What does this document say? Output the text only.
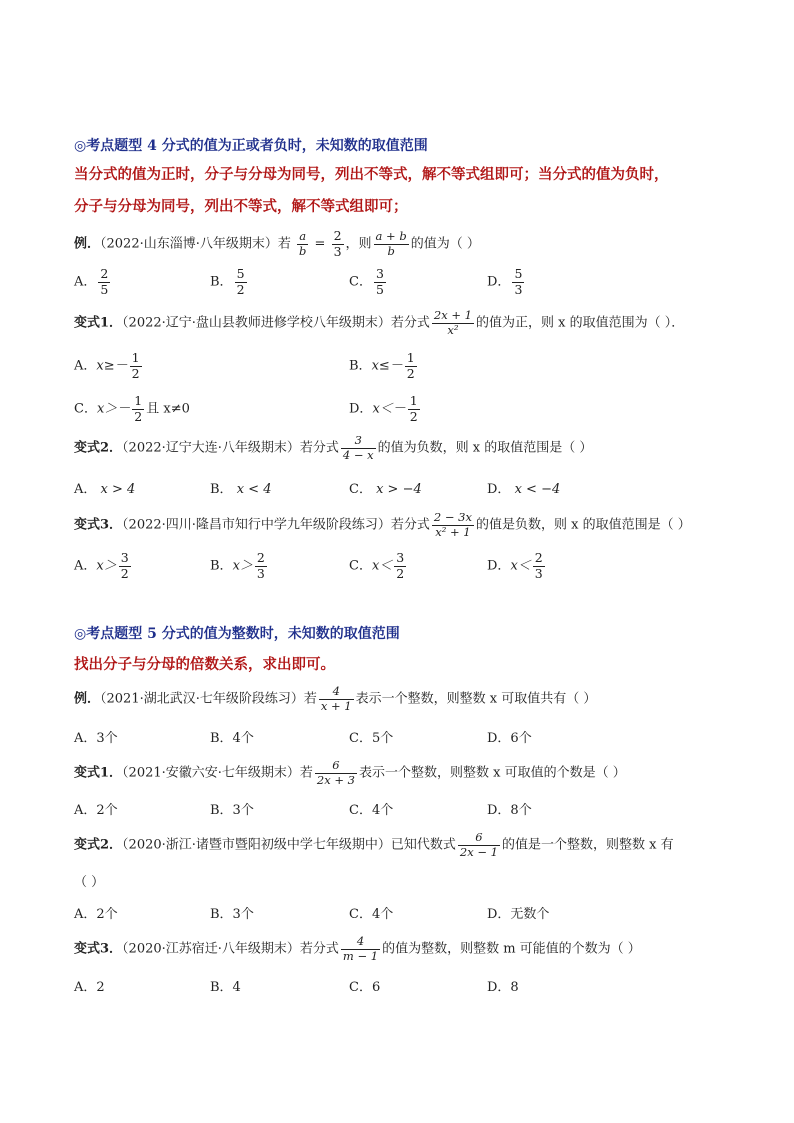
◎考点题型 4 分式的值为正或者负时，未知数的取值范围
当分式的值为正时，分子与分母为同号，列出不等式，解不等式组即可；当分式的值为负时，
分子与分母为同号，列出不等式，解不等式组即可；
例．（2022·山东淄博·八年级期末）若 $\frac{a}{b} = \frac{2}{3}$ ，则 $\frac{a + b}{b}$ 的值为（ ）
A． $\frac{2}{5}$	B． $\frac{5}{2}$	C． $\frac{3}{5}$	D． $\frac{5}{3}$
变式1．（2022·辽宁·盘山县教师进修学校八年级期末）若分式 $\frac{2x + 1}{\text{x²}}$ 的值为正，则 x 的取值范围为（ ）．
A．$x\ge- \frac{1}{2}$	B．$x\le- \frac{1}{2}$
C．$x>- \frac{1}{2}$ 且 x≠0	D．$x<- \frac{1}{2}$
变式2．（2022·辽宁大连·八年级期末）若分式 $\frac{3}{4 - x}$ 的值为负数，则 x 的取值范围是（ ）
A． x > 4	B． x < 4	C． x > −4	D． x < −4
变式3．（2022·四川·隆昌市知行中学九年级阶段练习）若分式 $\frac{2 - 3x}{\text{x² + 1}}$ 的值是负数，则 x 的取值范围是（ ）
A．$x> \frac{3}{2}$	B．$x> \frac{2}{3}$	C．$x< \frac{3}{2}$	D．$x< \frac{2}{3}$
◎考点题型 5 分式的值为整数时，未知数的取值范围
找出分子与分母的倍数关系，求出即可。
例．（2021·湖北武汉·七年级阶段练习）若 $\frac{4}{x + 1}$ 表示一个整数，则整数 x 可取值共有（ ）
A．3个	B．4个	C．5个	D．6个
变式1．（2021·安徽六安·七年级期末）若 $\frac{6}{2x + 3}$ 表示一个整数，则整数 x 可取值的个数是（ ）
A．2个	B．3个	C．4个	D．8个
变式2．（2020·浙江·诸暨市暨阳初级中学七年级期中）已知代数式 $\frac{6}{2x - 1}$ 的值是一个整数，则整数 x 有
（ ）
A．2个	B．3个	C．4个	D．无数个
变式3．（2020·江苏宿迁·八年级期末）若分式 $\frac{4}{m - 1}$ 的值为整数，则整数 m 可能值的个数为（ ）
A．2	B．4	C．6	D．8
